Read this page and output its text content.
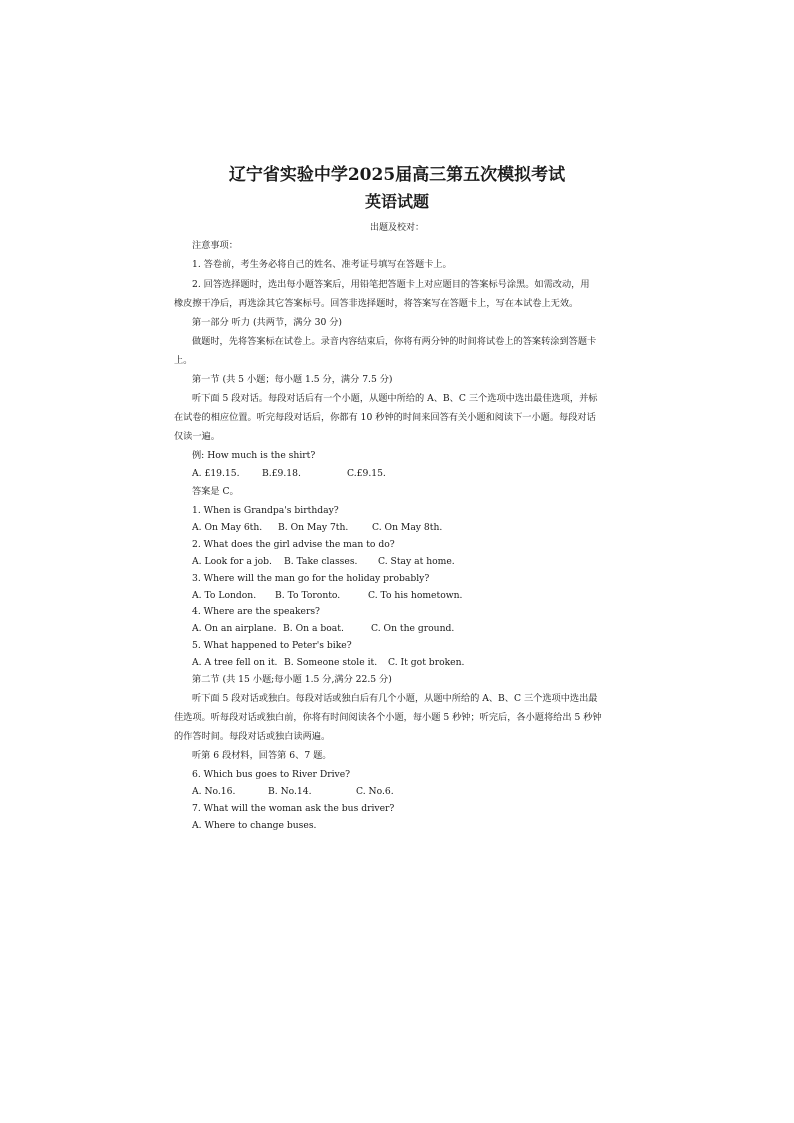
辽宁省实验中学2025届高三第五次模拟考试
英语试题
出题及校对：
注意事项：
1. 答卷前，考生务必将自己的姓名、准考证号填写在答题卡上。
2. 回答选择题时，选出每小题答案后，用铅笔把答题卡上对应题目的答案标号涂黑。如需改动，用
橡皮擦干净后，再选涂其它答案标号。回答非选择题时，将答案写在答题卡上，写在本试卷上无效。
第一部分 听力 (共两节，满分 30 分)
做题时，先将答案标在试卷上。录音内容结束后，你将有两分钟的时间将试卷上的答案转涂到答题卡
上。
第一节 (共 5 小题；每小题 1.5 分，满分 7.5 分)
听下面 5 段对话。每段对话后有一个小题，从题中所给的 A、B、C 三个选项中选出最佳选项，并标
在试卷的相应位置。听完每段对话后，你都有 10 秒钟的时间来回答有关小题和阅读下一小题。每段对话
仅读一遍。
例: How much is the shirt?
A. £19.15. B.£9.18.	C.£9.15.
答案是 C。
1. When is Grandpa's birthday?
A. On May 6th. B. On May 7th.	C. On May 8th.
2. What does the girl advise the man to do?
A. Look for a job. B. Take classes. C. Stay at home.
3. Where will the man go for the holiday probably?
A. To London. B. To Toronto.	C. To his hometown.
4. Where are the speakers?
A. On an airplane. B. On a boat.	C. On the ground.
5. What happened to Peter's bike?
A. A tree fell on it. B. Someone stole it. C. It got broken.
第二节 (共 15 小题;每小题 1.5 分,满分 22.5 分)
听下面 5 段对话或独白。每段对话或独白后有几个小题，从题中所给的 A、B、C 三个选项中选出最
佳选项。听每段对话或独白前，你将有时间阅读各个小题，每小题 5 秒钟；听完后，各小题将给出 5 秒钟
的作答时间。每段对话或独白读两遍。
听第 6 段材料，回答第 6、7 题。
6. Which bus goes to River Drive?
A. No.16.	B. No.14.	C. No.6.
7. What will the woman ask the bus driver?
A. Where to change buses.
